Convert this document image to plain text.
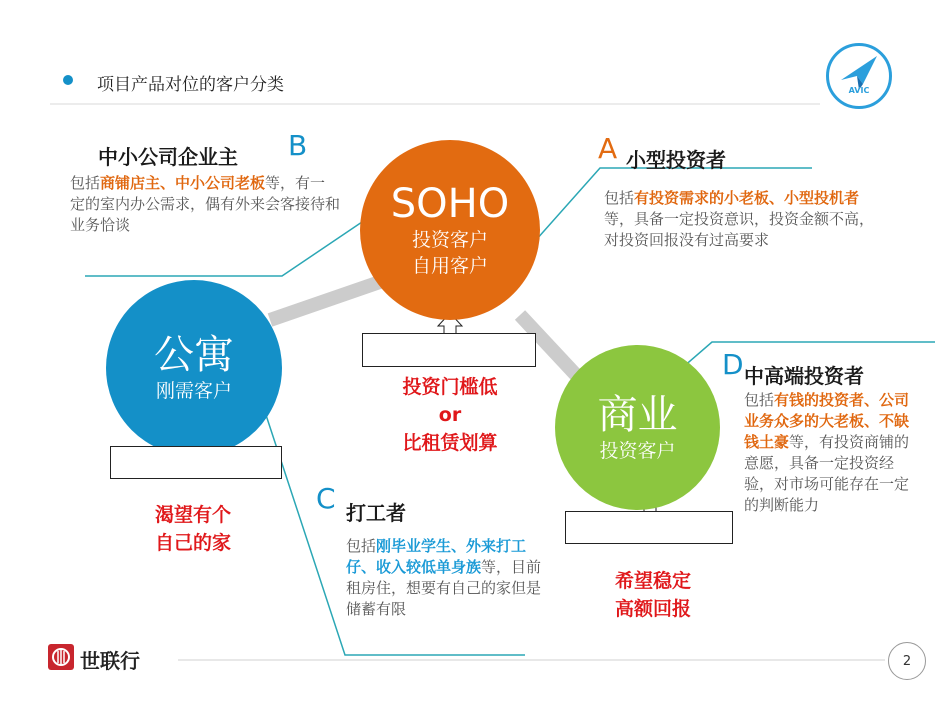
项目产品对位的客户分类	AVIC
SOHO
投资客户
自用客户
公寓
刚需客户
商业
投资客户
中小公司企业主 B
包括商铺店主、中小公司老板等，有一定的室内办公需求，偶有外来会客接待和业务恰谈
A 小型投资者
包括有投资需求的小老板、小型投机者等，具备一定投资意识，投资金额不高，对投资回报没有过高要求
D 中高端投资者
包括有钱的投资者、公司业务众多的大老板、不缺钱土豪等，有投资商铺的意愿，具备一定投资经验，对市场可能存在一定的判断能力
C 打工者
包括刚毕业学生、外来打工仔、收入较低单身族等，目前租房住，想要有自己的家但是储蓄有限
投资门槛低
or
比租赁划算
渴望有个
自己的家
希望稳定
高额回报
世联行	2
